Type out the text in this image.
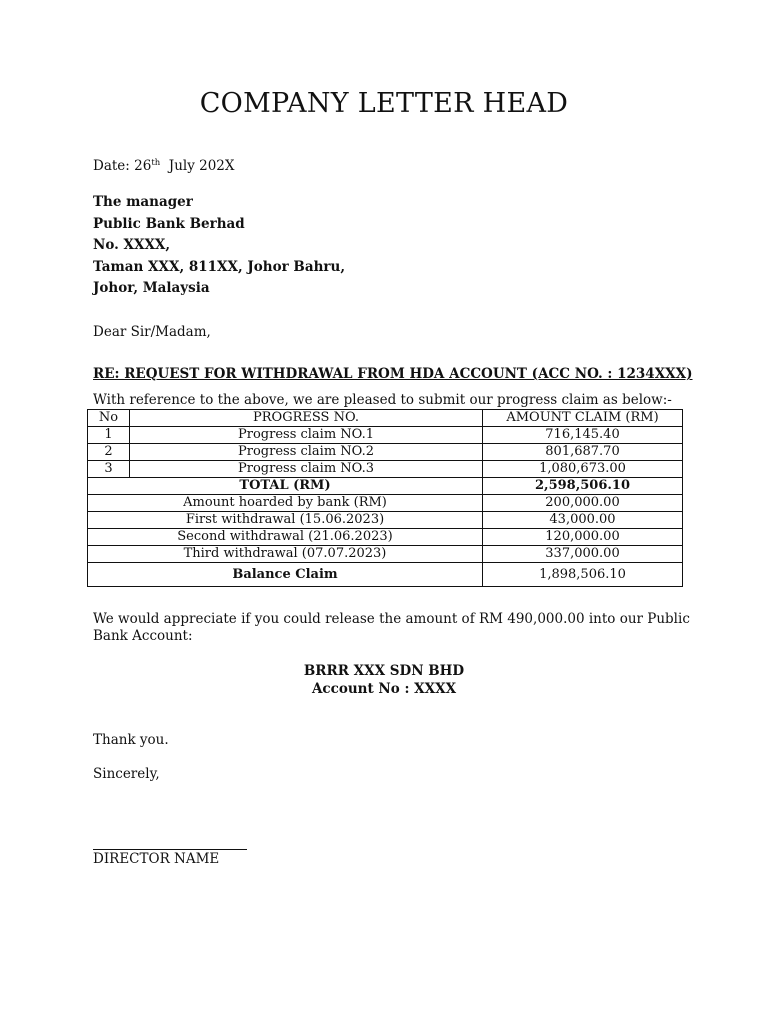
COMPANY LETTER HEAD
Date: 26th  July 202X
The manager
Public Bank Berhad
No. XXXX,
Taman XXX, 811XX, Johor Bahru,
Johor, Malaysia
Dear Sir/Madam,
RE: REQUEST FOR WITHDRAWAL FROM HDA ACCOUNT (ACC NO. : 1234XXX)
With reference to the above, we are pleased to submit our progress claim as below:-
No	PROGRESS NO.	AMOUNT CLAIM (RM)
1	Progress claim NO.1	716,145.40
2	Progress claim NO.2	801,687.70
3	Progress claim NO.3	1,080,673.00
TOTAL (RM)		2,598,506.10
Amount hoarded by bank (RM)		200,000.00
First withdrawal (15.06.2023)		43,000.00
Second withdrawal (21.06.2023)		120,000.00
Third withdrawal (07.07.2023)		337,000.00
Balance Claim		1,898,506.10
We would appreciate if you could release the amount of RM 490,000.00 into our Public Bank Account:
BRRR XXX SDN BHD
Account No : XXXX
Thank you.
Sincerely,
DIRECTOR NAME
